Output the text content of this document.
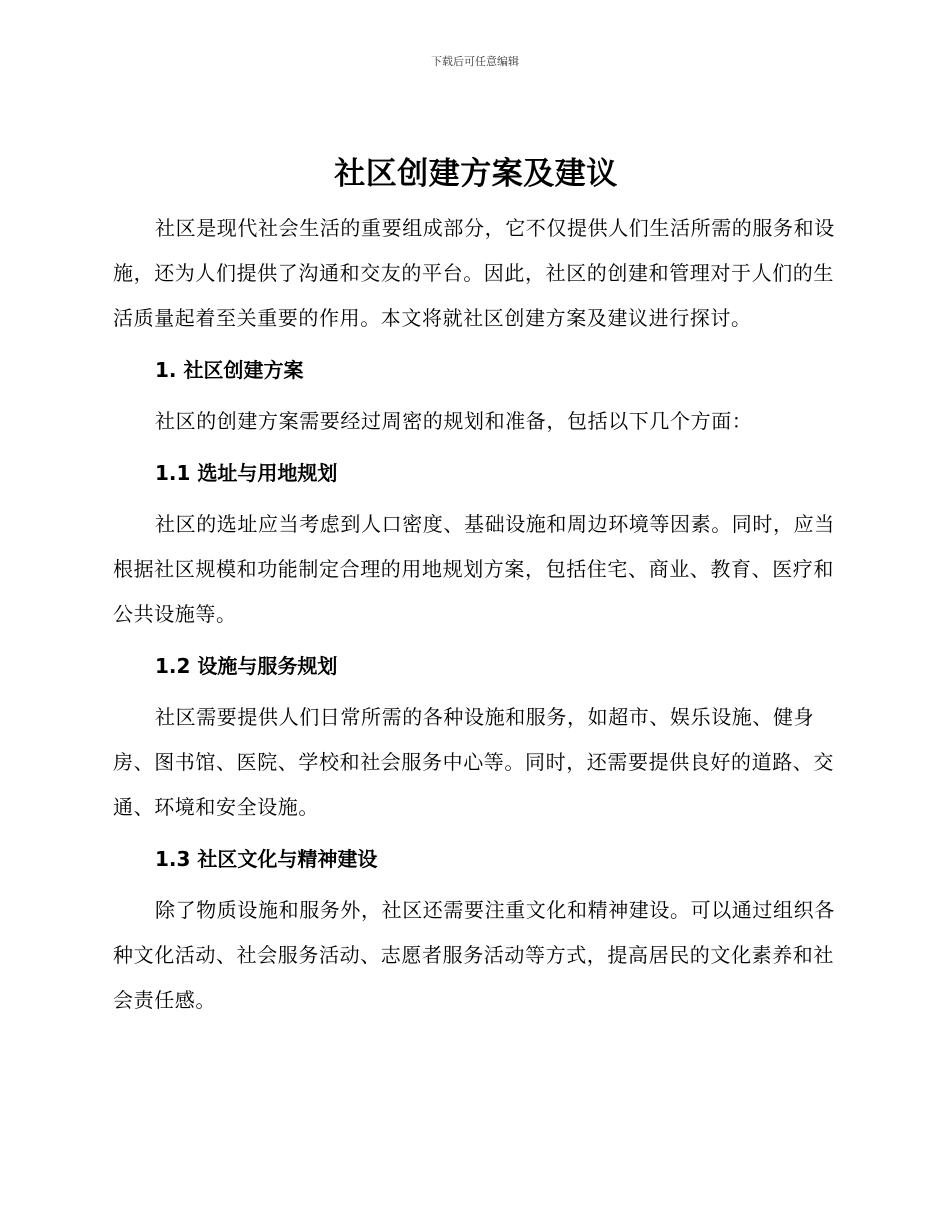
下载后可任意编辑
社区创建方案及建议

社区是现代社会生活的重要组成部分，它不仅提供人们生活所需的服务和设施，还为人们提供了沟通和交友的平台。因此，社区的创建和管理对于人们的生活质量起着至关重要的作用。本文将就社区创建方案及建议进行探讨。

1. 社区创建方案

社区的创建方案需要经过周密的规划和准备，包括以下几个方面：

1.1 选址与用地规划

社区的选址应当考虑到人口密度、基础设施和周边环境等因素。同时，应当根据社区规模和功能制定合理的用地规划方案，包括住宅、商业、教育、医疗和公共设施等。

1.2 设施与服务规划

社区需要提供人们日常所需的各种设施和服务，如超市、娱乐设施、健身房、图书馆、医院、学校和社会服务中心等。同时，还需要提供良好的道路、交通、环境和安全设施。

1.3 社区文化与精神建设

除了物质设施和服务外，社区还需要注重文化和精神建设。可以通过组织各种文化活动、社会服务活动、志愿者服务活动等方式，提高居民的文化素养和社会责任感。
